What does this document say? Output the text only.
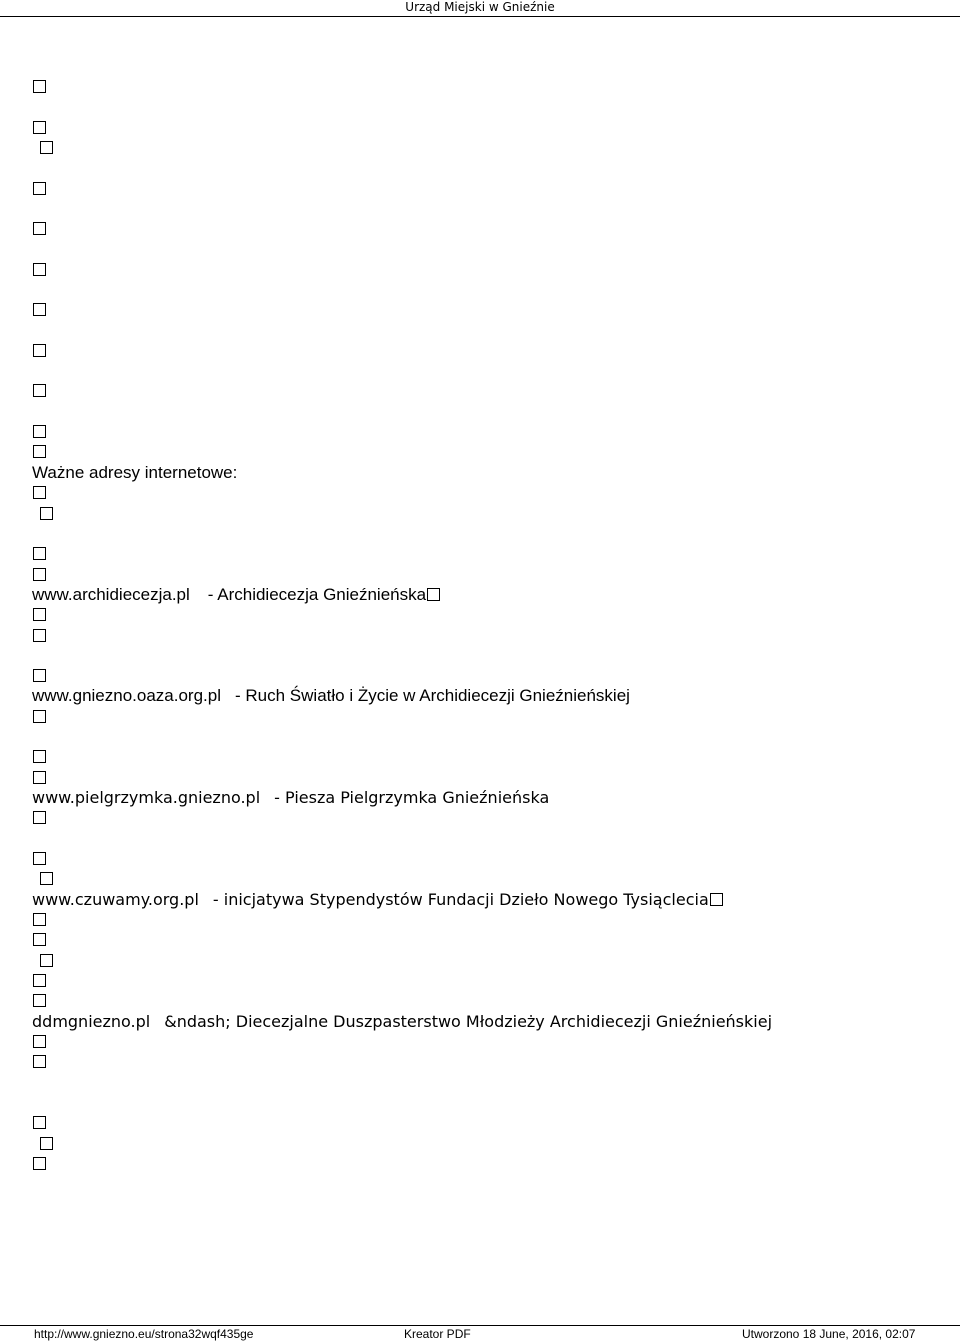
Urząd Miejski w Gnieźnie
Ważne adresy internetowe:
www.archidiecezja.pl - Archidiecezja Gnieźnieńska
www.gniezno.oaza.org.pl - Ruch Światło i Życie w Archidiecezji Gnieźnieńskiej
www.pielgrzymka.gniezno.pl - Piesza Pielgrzymka Gnieźnieńska
www.czuwamy.org.pl - inicjatywa Stypendystów Fundacji Dzieło Nowego Tysiąclecia
ddmgniezno.pl &ndash; Diecezjalne Duszpasterstwo Młodzieży Archidiecezji Gnieźnieńskiej
http://www.gniezno.eu/strona32wqf435ge	Kreator PDF	Utworzono 18 June, 2016, 02:07
